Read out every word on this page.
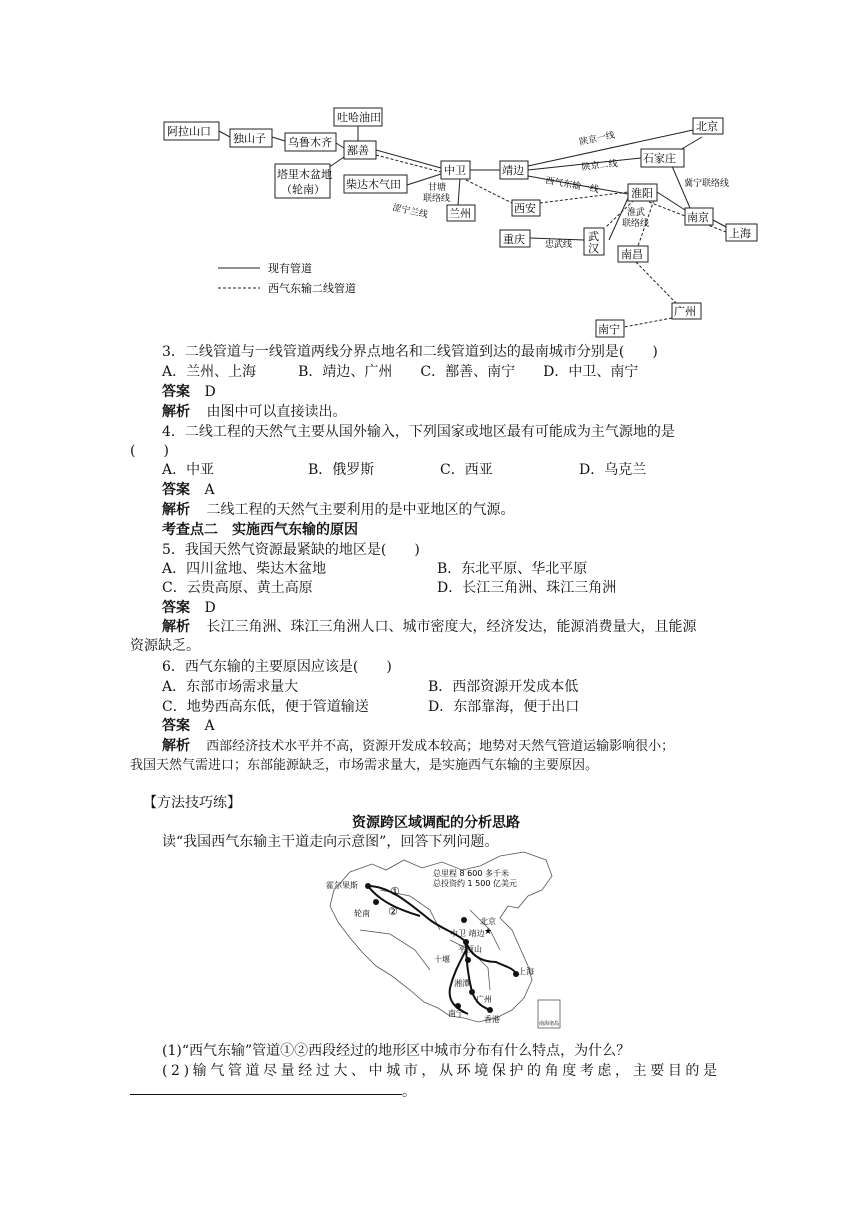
阿拉山口
独山子 乌鲁木齐
吐哈油田
鄯善
塔里木盆地
（轮南） 柴达木气田
中卫
兰州
靖边
西安
北京
石家庄
淮阳
南京
上海
重庆	武
汉 南昌
广州
南宁
甘塘
联络线
涩宁兰线
陕京一线
陕京二线
西气东输一线	冀宁联络线
淮武
联络线
忠武线
现有管道
西气东输二线管道
3．二线管道与一线管道两线分界点地名和二线管道到达的最南城市分别是(　　)
A．兰州、上海　　　B．靖边、广州　　C．鄯善、南宁　　D．中卫、南宁
答案 D
解析 由图中可以直接读出。
4．二线工程的天然气主要从国外输入，下列国家或地区最有可能成为主气源地的是
(　　)
A．中亚	B．俄罗斯	C．西亚	D．乌克兰
答案 A
解析 二线工程的天然气主要利用的是中亚地区的气源。
考查点二　实施西气东输的原因
5．我国天然气资源最紧缺的地区是(　　)
A．四川盆地、柴达木盆地	B．东北平原、华北平原
C．云贵高原、黄土高原	D．长江三角洲、珠江三角洲
答案 D
解析 长江三角洲、珠江三角洲人口、城市密度大，经济发达，能源消费量大，且能源
资源缺乏。
6．西气东输的主要原因应该是(　　)
A．东部市场需求量大	B．西部资源开发成本低
C．地势西高东低，便于管道输送	D．东部靠海，便于出口
答案 A
解析 西部经济技术水平并不高，资源开发成本较高；地势对天然气管道运输影响很小；
我国天然气需进口；东部能源缺乏，市场需求量大，是实施西气东输的主要原因。
【方法技巧练】
资源跨区域调配的分析思路
读“我国西气东输主干道走向示意图”，回答下列问题。
总里程 8 600 多千米
总投资约 1 500 亿美元
①
②
霍尔果斯
轮南
北京
中卫 靖边
平顶山
十堰
上海
湘潭
广州
南宁
香港	南海诸岛
★
(1)“西气东输”管道①②西段经过的地形区中城市分布有什么特点，为什么？
(2)输气管道尽量经过大、中城市，从环境保护的角度考虑，主要目的是
。
